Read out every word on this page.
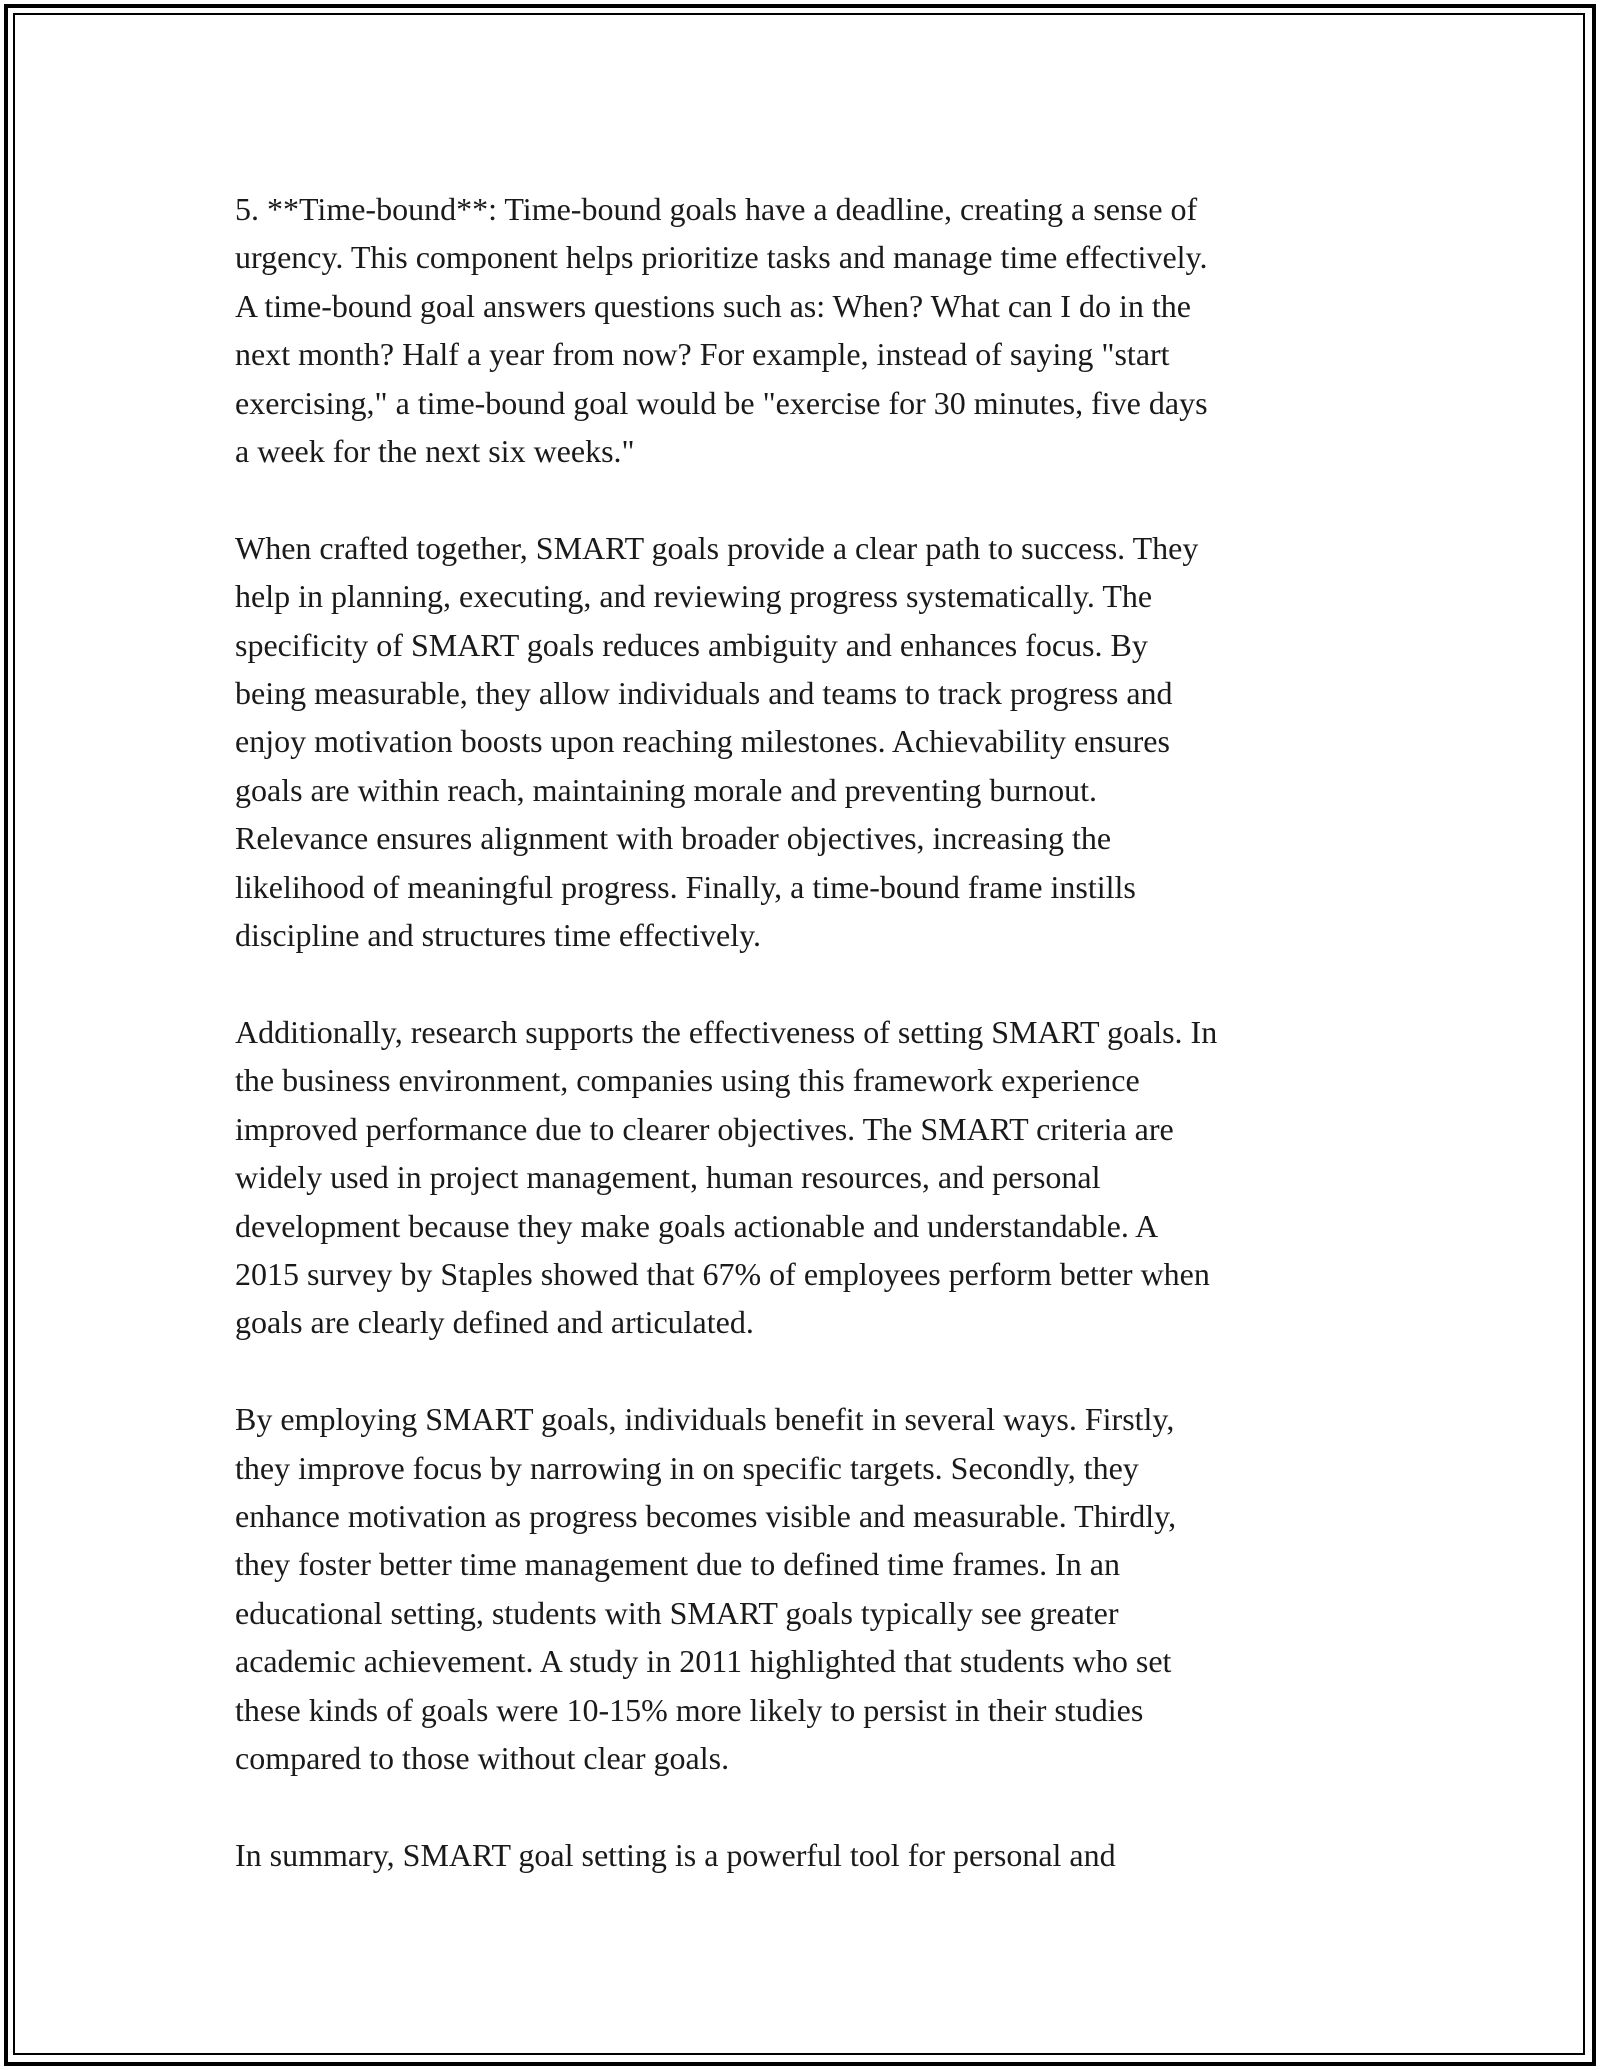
5. **Time-bound**: Time-bound goals have a deadline, creating a sense of
urgency. This component helps prioritize tasks and manage time effectively.
A time-bound goal answers questions such as: When? What can I do in the
next month? Half a year from now? For example, instead of saying "start
exercising," a time-bound goal would be "exercise for 30 minutes, five days
a week for the next six weeks."

When crafted together, SMART goals provide a clear path to success. They
help in planning, executing, and reviewing progress systematically. The
specificity of SMART goals reduces ambiguity and enhances focus. By
being measurable, they allow individuals and teams to track progress and
enjoy motivation boosts upon reaching milestones. Achievability ensures
goals are within reach, maintaining morale and preventing burnout.
Relevance ensures alignment with broader objectives, increasing the
likelihood of meaningful progress. Finally, a time-bound frame instills
discipline and structures time effectively.

Additionally, research supports the effectiveness of setting SMART goals. In
the business environment, companies using this framework experience
improved performance due to clearer objectives. The SMART criteria are
widely used in project management, human resources, and personal
development because they make goals actionable and understandable. A
2015 survey by Staples showed that 67% of employees perform better when
goals are clearly defined and articulated.

By employing SMART goals, individuals benefit in several ways. Firstly,
they improve focus by narrowing in on specific targets. Secondly, they
enhance motivation as progress becomes visible and measurable. Thirdly,
they foster better time management due to defined time frames. In an
educational setting, students with SMART goals typically see greater
academic achievement. A study in 2011 highlighted that students who set
these kinds of goals were 10-15% more likely to persist in their studies
compared to those without clear goals.

In summary, SMART goal setting is a powerful tool for personal and
